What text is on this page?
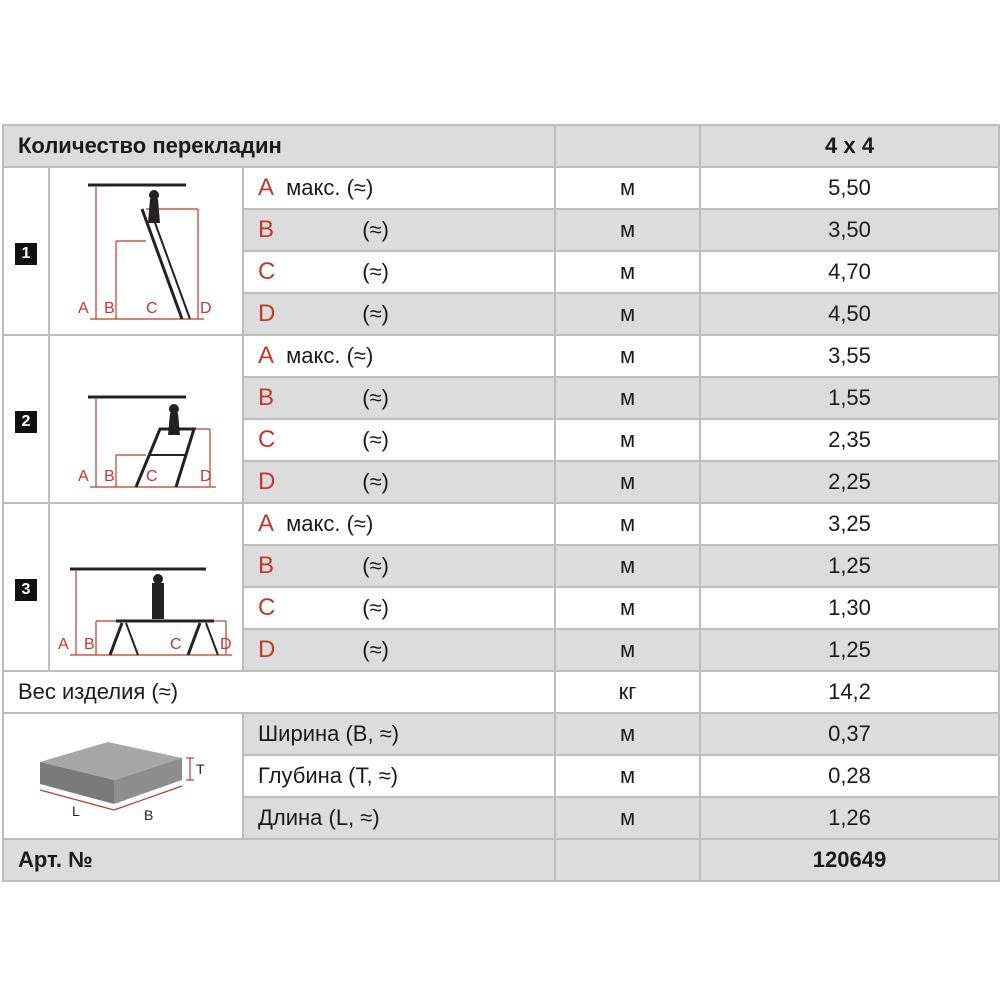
Количество перекладин				4 x 4
1	A B C D	A макс. (≈)	м	5,50
		B (≈)	м	3,50
		C (≈)	м	4,70
		D (≈)	м	4,50
2	A B C D	A макс. (≈)	м	3,55
		B (≈)	м	1,55
		C (≈)	м	2,35
		D (≈)	м	2,25
3	A B C D	A макс. (≈)	м	3,25
		B (≈)	м	1,25
		C (≈)	м	1,30
		D (≈)	м	1,25
Вес изделия (≈)			кг	14,2

T
L B		Ширина (B, ≈)	м	0,37
		Глубина (T, ≈)	м	0,28
		Длина (L, ≈)	м	1,26
Арт. №				120649
